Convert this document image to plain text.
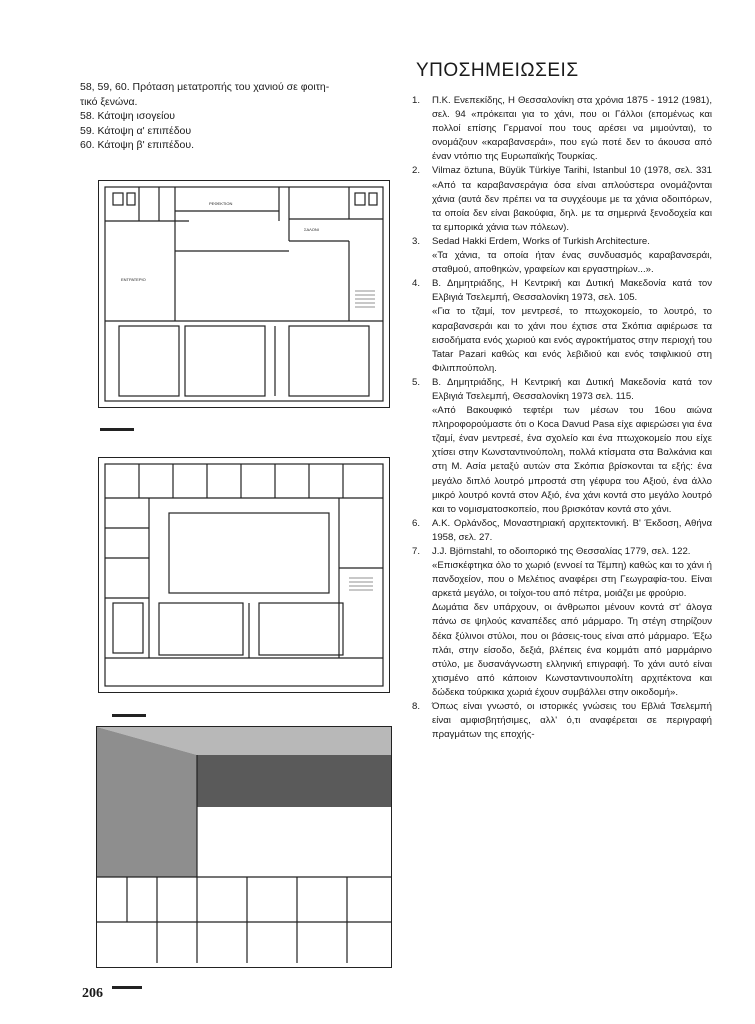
58, 59, 60. Πρόταση μετατροπής του χανιού σε φοιτη-
τικό ξενώνα.
58. Κάτοψη ισογείου
59. Κάτοψη α' επιπέδου
60. Κάτοψη β' επιπέδου.
ΡΕΦΕΚΤΙΟΝ
ΣΑΛΟΝΙ
ΕΝΤΡΑΤΕΡΙΟ
ΥΠΟΣΗΜΕΙΩΣΕΙΣ
1. Π.Κ. Ενεπεκίδης, Η Θεσσαλονίκη στα χρόνια 1875 - 1912 (1981), σελ. 94 «πρόκειται για το χάνι, που οι Γάλλοι (επομένως και πολλοί επίσης Γερμανοί που τους αρέσει να μιμούνται), το ονομάζουν «καραβανσεράι», που εγώ ποτέ δεν το άκουσα από έναν ντόπιο της Ευρωπαϊκής Τουρκίας.

2. Vilmaz öztuna, Büyük Türkiye Tarihi, Istanbul 10 (1978, σελ. 331 «Από τα καραβανσεράγια όσα είναι απλούστερα ονομάζονται χάνια (αυτά δεν πρέπει να τα συγχέουμε με τα χάνια οδοιπόρων, τα οποία δεν είναι βακούφια, δηλ. με τα σημερινά ξενοδοχεία και τα εμπορικά χάνια των πόλεων).

3. Sedad Hakki Erdem, Works of Turkish Architecture.

«Τα χάνια, τα οποία ήταν ένας συνδυασμός καραβανσεράι, σταθμού, αποθηκών, γραφείων και εργαστηρίων...».

4. Β. Δημητριάδης, Η Κεντρική και Δυτική Μακεδονία κατά τον Ελβιγιά Τσελεμπή, Θεσσαλονίκη 1973, σελ. 105.

«Για το τζαμί, τον μεντρεσέ, το πτωχοκομείο, το λουτρό, το καραβανσεράι και το χάνι που έχτισε στα Σκόπια αφιέρωσε τα εισοδήματα ενός χωριού και ενός αγροκτήματος στην περιοχή του Tatar Pazari καθώς και ενός λεβιδιού και ενός τσιφλικιού στη Φιλιππούπολη.

5. Β. Δημητριάδης, Η Κεντρική και Δυτική Μακεδονία κατά τον Ελβιγιά Τσελεμπή, Θεσσαλονίκη 1973 σελ. 115.

«Από Βακουφικό τεφτέρι των μέσων του 16ου αιώνα πληροφορούμαστε ότι ο Koca Davud Pasa είχε αφιερώσει για ένα τζαμί, έναν μεντρεσέ, ένα σχολείο και ένα πτωχοκομείο που είχε χτίσει στην Κωνσταντινούπολη, πολλά κτίσματα στα Βαλκάνια και στη Μ. Ασία μεταξύ αυτών στα Σκόπια βρίσκονται τα εξής: ένα μεγάλο διπλό λουτρό μπροστά στη γέφυρα του Αξιού, ένα άλλο μικρό λουτρό κοντά στον Αξιό, ένα χάνι κοντά στο μεγάλο λουτρό και το νομισματοσκοπείο, που βρισκόταν κοντά στο χάνι.

6. Α.Κ. Ορλάνδος, Μοναστηριακή αρχιτεκτονική. Β' Έκδοση, Αθήνα 1958, σελ. 27.

7. J.J. Björnstahl, το οδοιπορικό της Θεσσαλίας 1779, σελ. 122.

«Επισκέφτηκα όλο το χωριό (εννοεί τα Τέμπη) καθώς και το χάνι ή πανδοχείον, που ο Μελέτιος αναφέρει στη Γεωγραφία-του. Είναι αρκετά μεγάλο, οι τοίχοι-του από πέτρα, μοιάζει με φρούριο.

Δωμάτια δεν υπάρχουν, οι άνθρωποι μένουν κοντά στ' άλογα πάνω σε ψηλούς καναπέδες από μάρμαρο. Τη στέγη στηρίζουν δέκα ξύλινοι στύλοι, που οι βάσεις-τους είναι από μάρμαρο. Έξω πλάι, στην είσοδο, δεξιά, βλέπεις ένα κομμάτι από μαρμάρινο στύλο, με δυσανάγνωστη ελληνική επιγραφή. Το χάνι αυτό είναι χτισμένο από κάποιον Κωνσταντινουπολίτη αρχιτέκτονα και δώδεκα τούρκικα χωριά έχουν συμβάλλει στην οικοδομή».

8. Όπως είναι γνωστό, οι ιστορικές γνώσεις του Εβλιά Τσελεμπή είναι αμφισβητήσιμες, αλλ' ό,τι αναφέρεται σε περιγραφή πραγμάτων της εποχής-

206
